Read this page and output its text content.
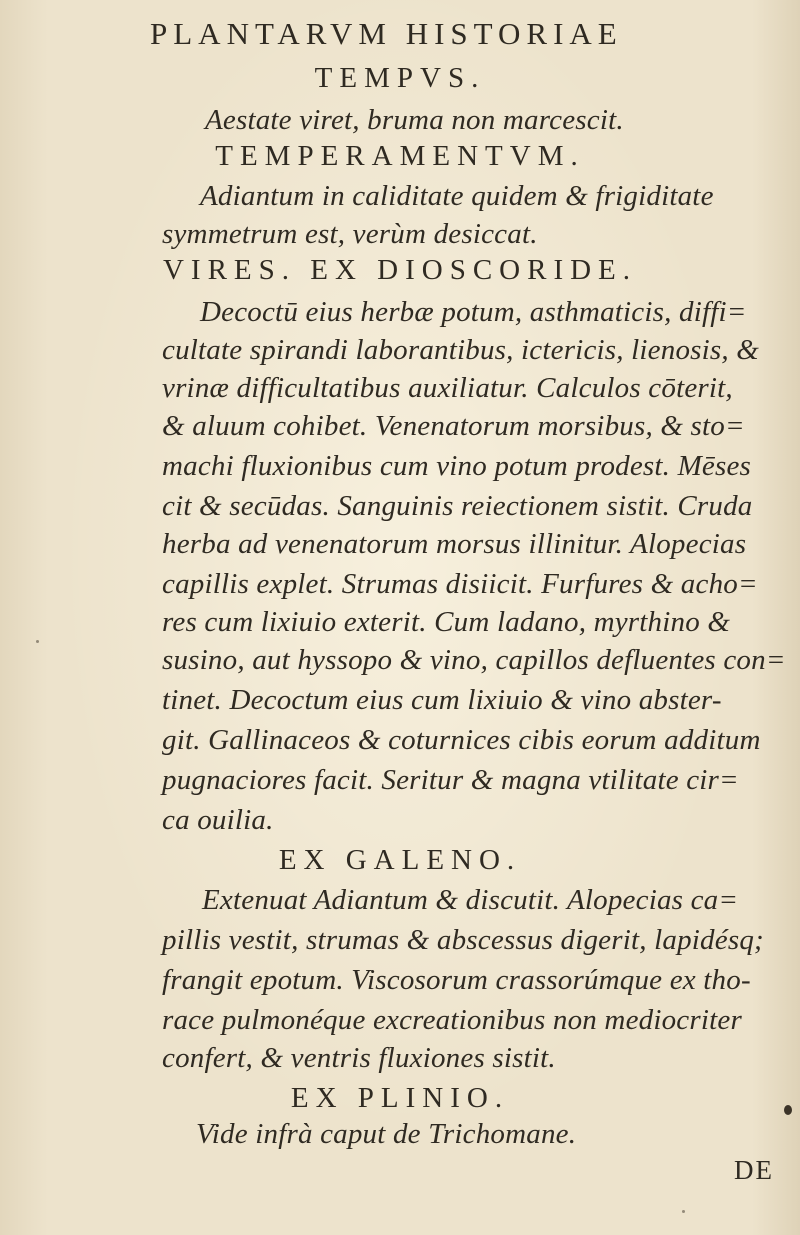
PLANTARVM HISTORIAE
TEMPVS.
Aestate viret, bruma non marcescit.
TEMPERAMENTVM.
Adiantum in caliditate quidem & frigiditate
symmetrum est, verùm desiccat.
VIRES. EX DIOSCORIDE.
Decoctū eius herbæ potum, asthmaticis, diffi=
cultate spirandi laborantibus, ictericis, lienosis, &
vrinæ difficultatibus auxiliatur. Calculos cōterit,
& aluum cohibet. Venenatorum morsibus, & sto=
machi fluxionibus cum vino potum prodest. Mēses
cit & secūdas. Sanguinis reiectionem sistit. Cruda
herba ad venenatorum morsus illinitur. Alopecias
capillis explet. Strumas disiicit. Furfures & acho=
res cum lixiuio exterit. Cum ladano, myrthino &
susino, aut hyssopo & vino, capillos defluentes con=
tinet. Decoctum eius cum lixiuio & vino abster-
git. Gallinaceos & coturnices cibis eorum additum
pugnaciores facit. Seritur & magna vtilitate cir=
ca ouilia.
EX GALENO.
Extenuat Adiantum & discutit. Alopecias ca=
pillis vestit, strumas & abscessus digerit, lapidésq;
frangit epotum. Viscosorum crassorúmque ex tho-
race pulmonéque excreationibus non mediocriter
confert, & ventris fluxiones sistit.
EX PLINIO.
Vide infrà caput de Trichomane.
DE
